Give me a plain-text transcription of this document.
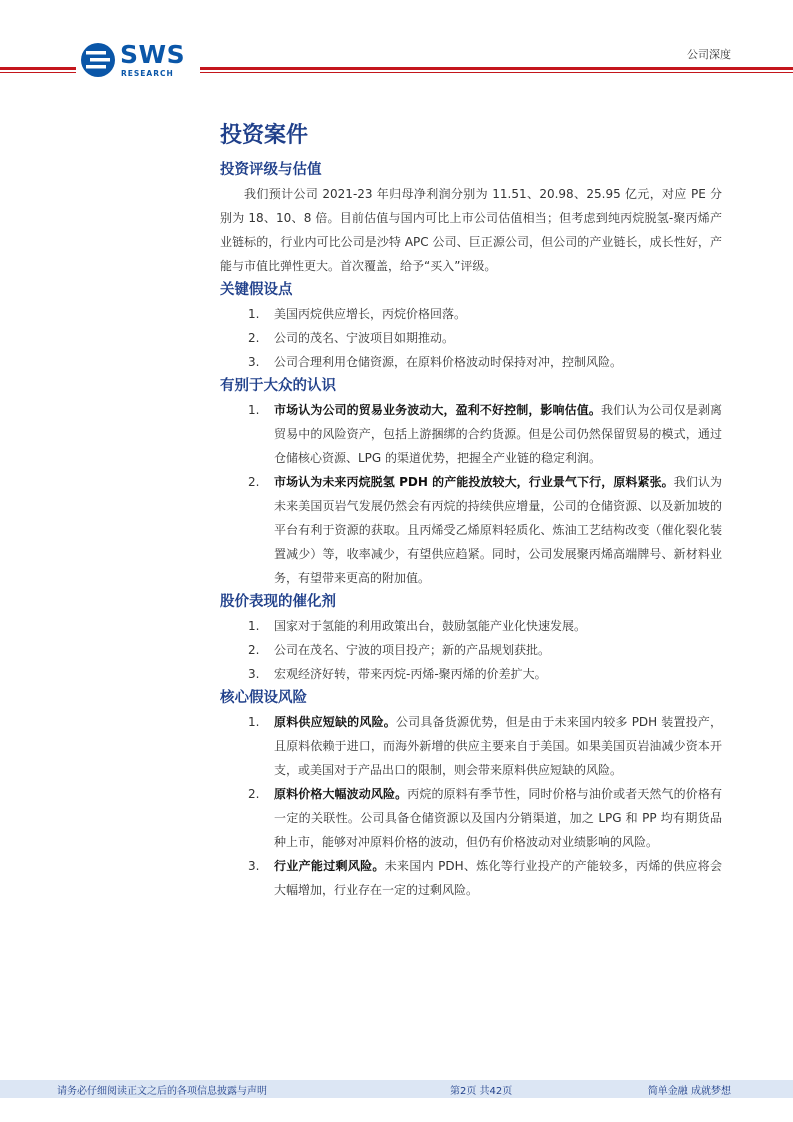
SWS
RESEARCH
公司深度
投资案件
投资评级与估值

我们预计公司 2021-23 年归母净利润分别为 11.51、20.98、25.95 亿元，对应 PE 分别为 18、10、8 倍。目前估值与国内可比上市公司估值相当；但考虑到纯丙烷脱氢-聚丙烯产业链标的，行业内可比公司是沙特 APC 公司、巨正源公司，但公司的产业链长，成长性好，产能与市值比弹性更大。首次覆盖，给予“买入”评级。

关键假设点
1. 美国丙烷供应增长，丙烷价格回落。
2. 公司的茂名、宁波项目如期推动。
3. 公司合理利用仓储资源，在原料价格波动时保持对冲，控制风险。
有别于大众的认识
1. 市场认为公司的贸易业务波动大，盈利不好控制，影响估值。我们认为公司仅是剥离贸易中的风险资产，包括上游捆绑的合约货源。但是公司仍然保留贸易的模式，通过仓储核心资源、LPG 的渠道优势，把握全产业链的稳定利润。
2. 市场认为未来丙烷脱氢 PDH 的产能投放较大，行业景气下行，原料紧张。我们认为未来美国页岩气发展仍然会有丙烷的持续供应增量，公司的仓储资源、以及新加坡的平台有利于资源的获取。且丙烯受乙烯原料轻质化、炼油工艺结构改变（催化裂化装置减少）等，收率减少，有望供应趋紧。同时，公司发展聚丙烯高端牌号、新材料业务，有望带来更高的附加值。
股价表现的催化剂
1. 国家对于氢能的利用政策出台，鼓励氢能产业化快速发展。
2. 公司在茂名、宁波的项目投产；新的产品规划获批。
3. 宏观经济好转，带来丙烷-丙烯-聚丙烯的价差扩大。
核心假设风险
1. 原料供应短缺的风险。公司具备货源优势，但是由于未来国内较多 PDH 装置投产，且原料依赖于进口，而海外新增的供应主要来自于美国。如果美国页岩油减少资本开支，或美国对于产品出口的限制，则会带来原料供应短缺的风险。
2. 原料价格大幅波动风险。丙烷的原料有季节性，同时价格与油价或者天然气的价格有一定的关联性。公司具备仓储资源以及国内分销渠道，加之 LPG 和 PP 均有期货品种上市，能够对冲原料价格的波动，但仍有价格波动对业绩影响的风险。
3. 行业产能过剩风险。未来国内 PDH、炼化等行业投产的产能较多，丙烯的供应将会大幅增加，行业存在一定的过剩风险。
请务必仔细阅读正文之后的各项信息披露与声明	第2页 共42页	简单金融 成就梦想
